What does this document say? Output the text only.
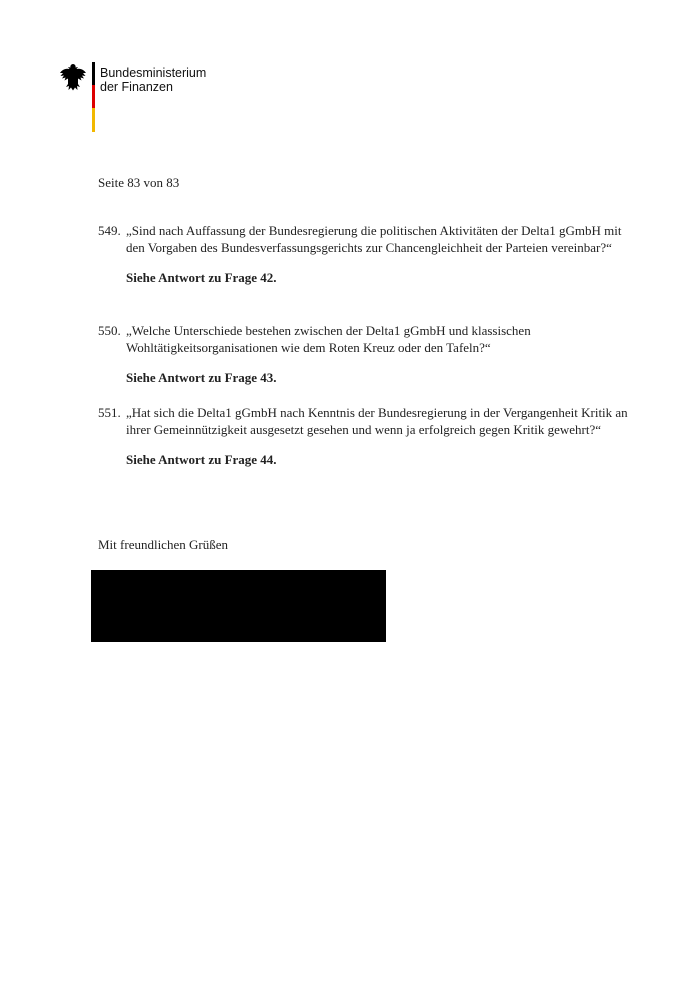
Bundesministerium
der Finanzen
Seite 83 von 83
549. „Sind nach Auffassung der Bundesregierung die politischen Aktivitäten der Delta1 gGmbH mit den Vorgaben des Bundesverfassungsgerichts zur Chancengleichheit der Parteien vereinbar?“
Siehe Antwort zu Frage 42.
550. „Welche Unterschiede bestehen zwischen der Delta1 gGmbH und klassischen Wohltätigkeitsorganisationen wie dem Roten Kreuz oder den Tafeln?“
Siehe Antwort zu Frage 43.
551. „Hat sich die Delta1 gGmbH nach Kenntnis der Bundesregierung in der Vergangenheit Kritik an ihrer Gemeinnützigkeit ausgesetzt gesehen und wenn ja erfolgreich gegen Kritik gewehrt?“
Siehe Antwort zu Frage 44.
Mit freundlichen Grüßen
